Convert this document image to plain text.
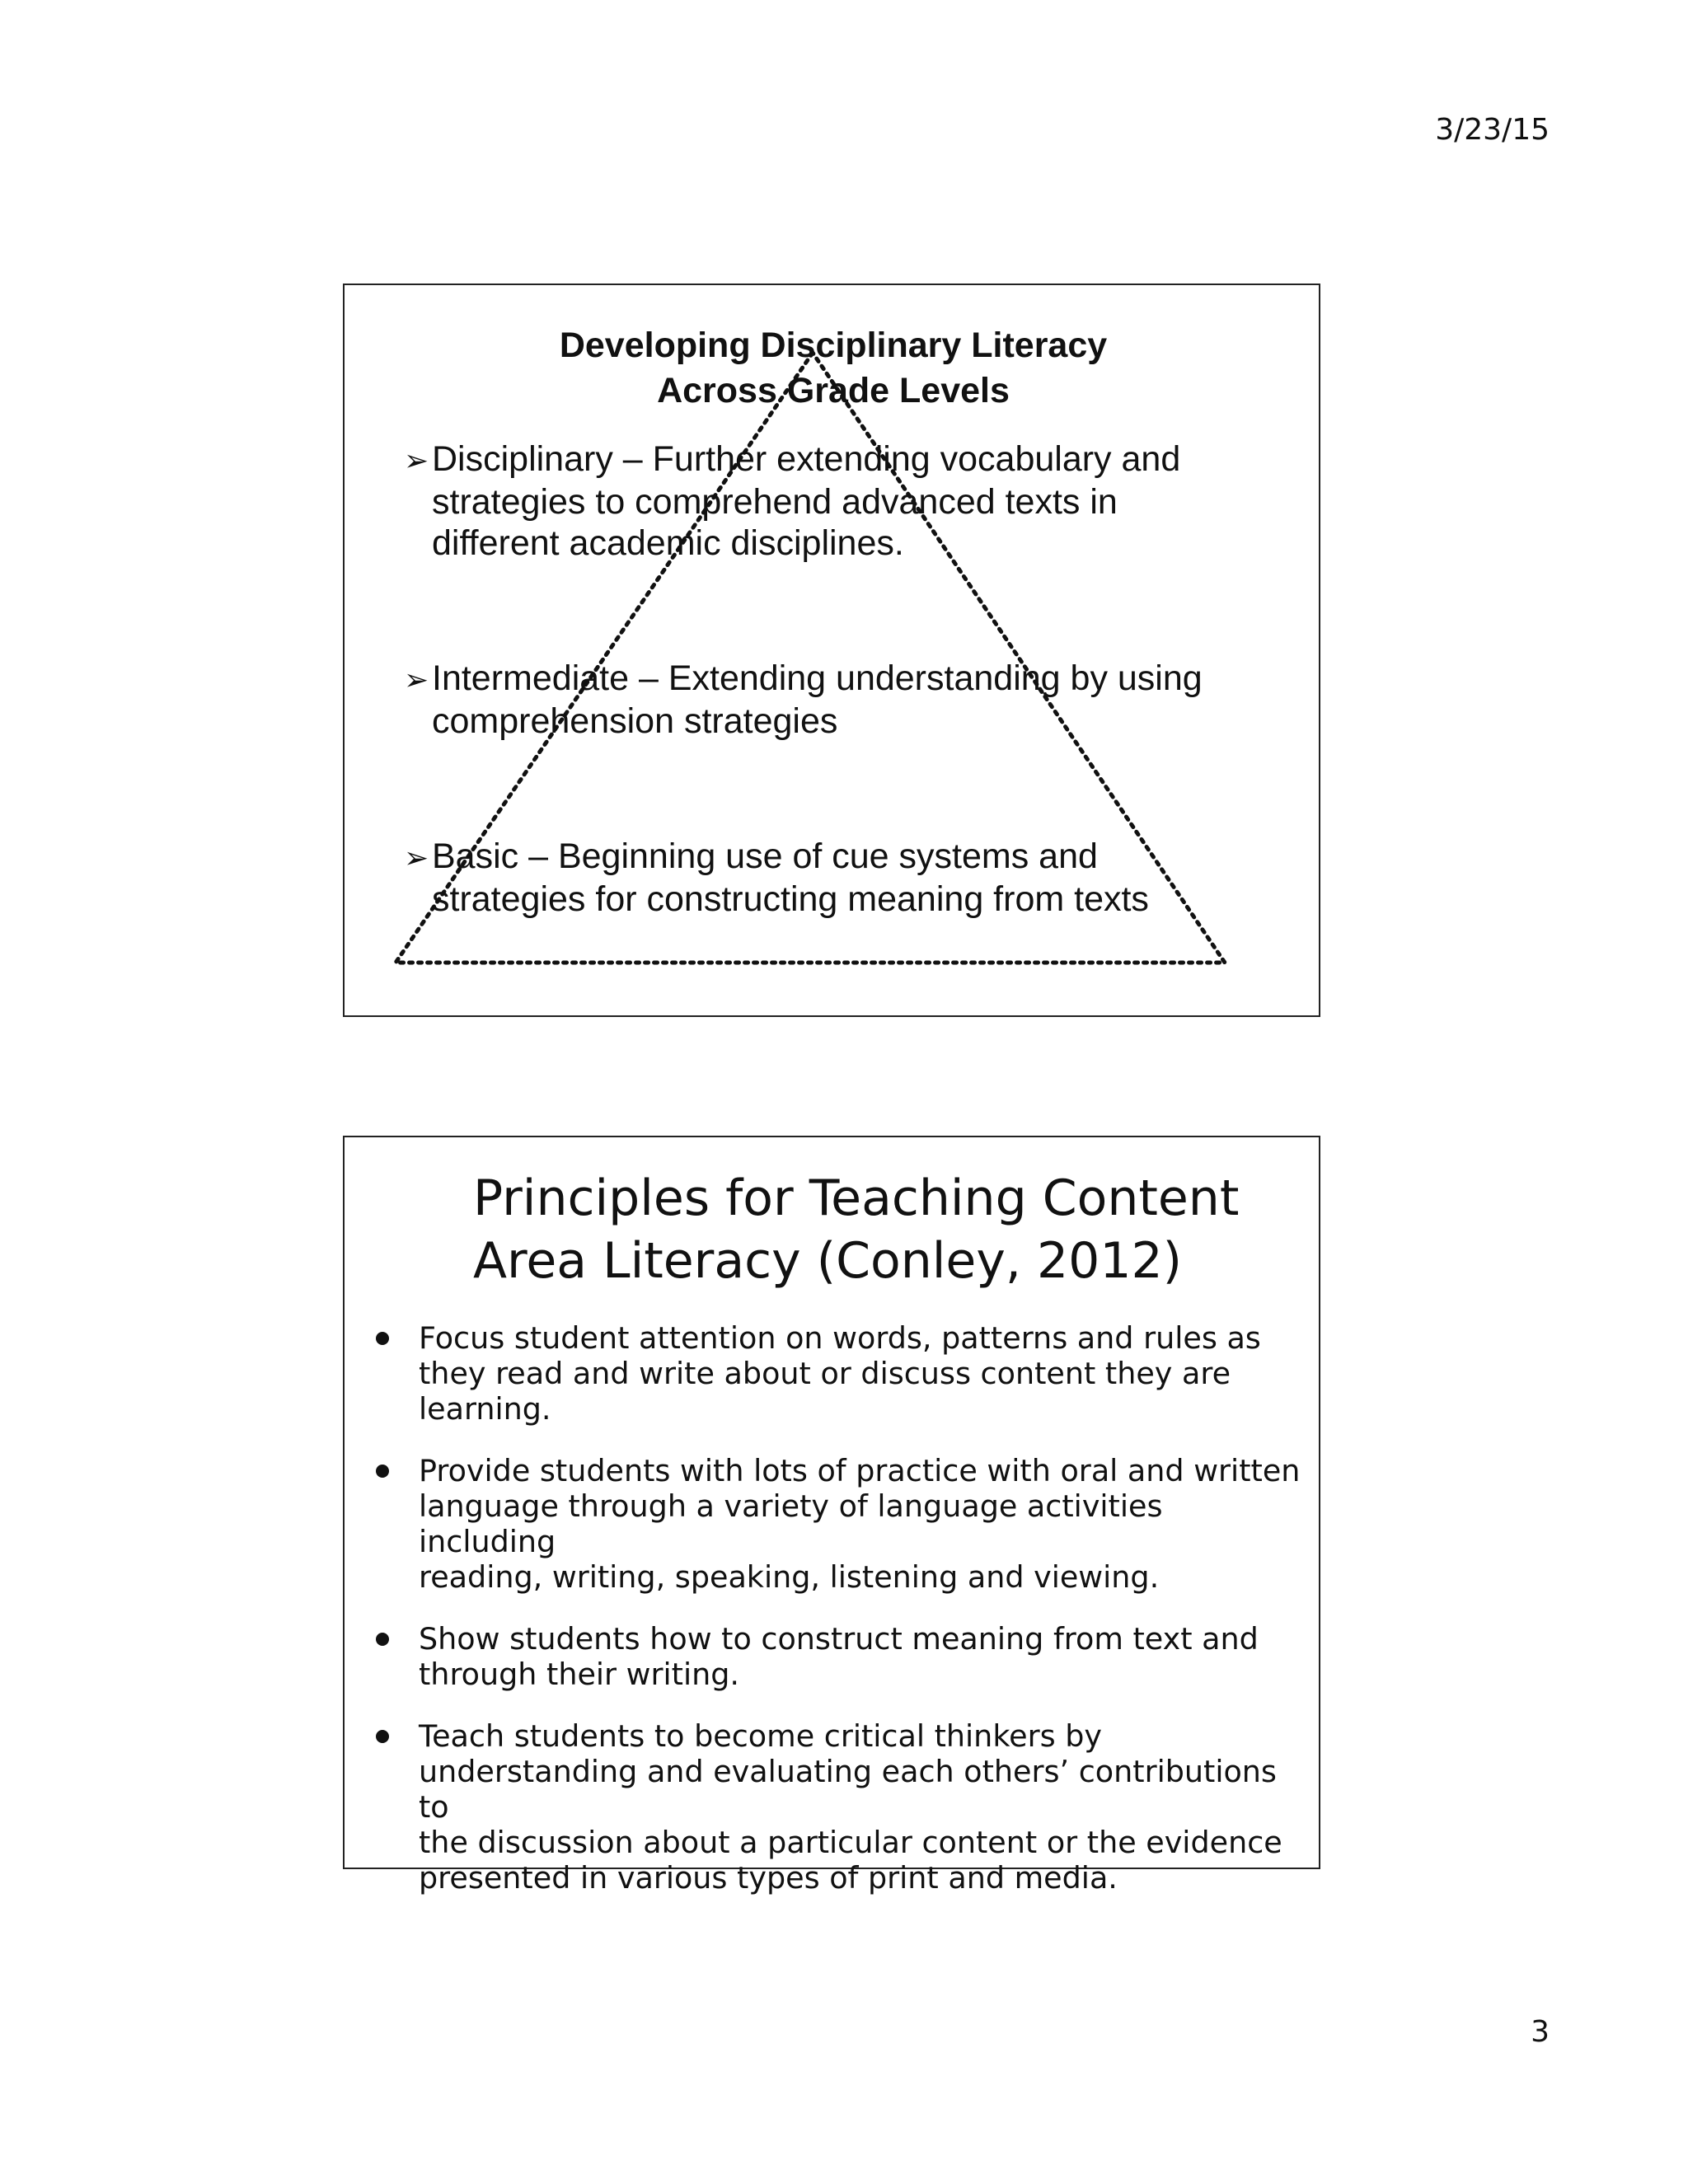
3/23/15
Developing Disciplinary Literacy
Across Grade Levels
➢Disciplinary – Further extending vocabulary and
strategies to comprehend advanced texts in
different academic disciplines.
➢Intermediate – Extending understanding by using
comprehension strategies
➢Basic – Beginning use of cue systems and
strategies for constructing meaning from texts
Principles for Teaching Content
Area Literacy (Conley, 2012)
Focus student attention on words, patterns and rules as
they read and write about or discuss content they are
learning.
Provide students with lots of practice with oral and written
language through a variety of language activities including
reading, writing, speaking, listening and viewing.
Show students how to construct meaning from text and
through their writing.
Teach students to become critical thinkers by
understanding and evaluating each others’ contributions to
the discussion about a particular content or the evidence
presented in various types of print and media.
3
